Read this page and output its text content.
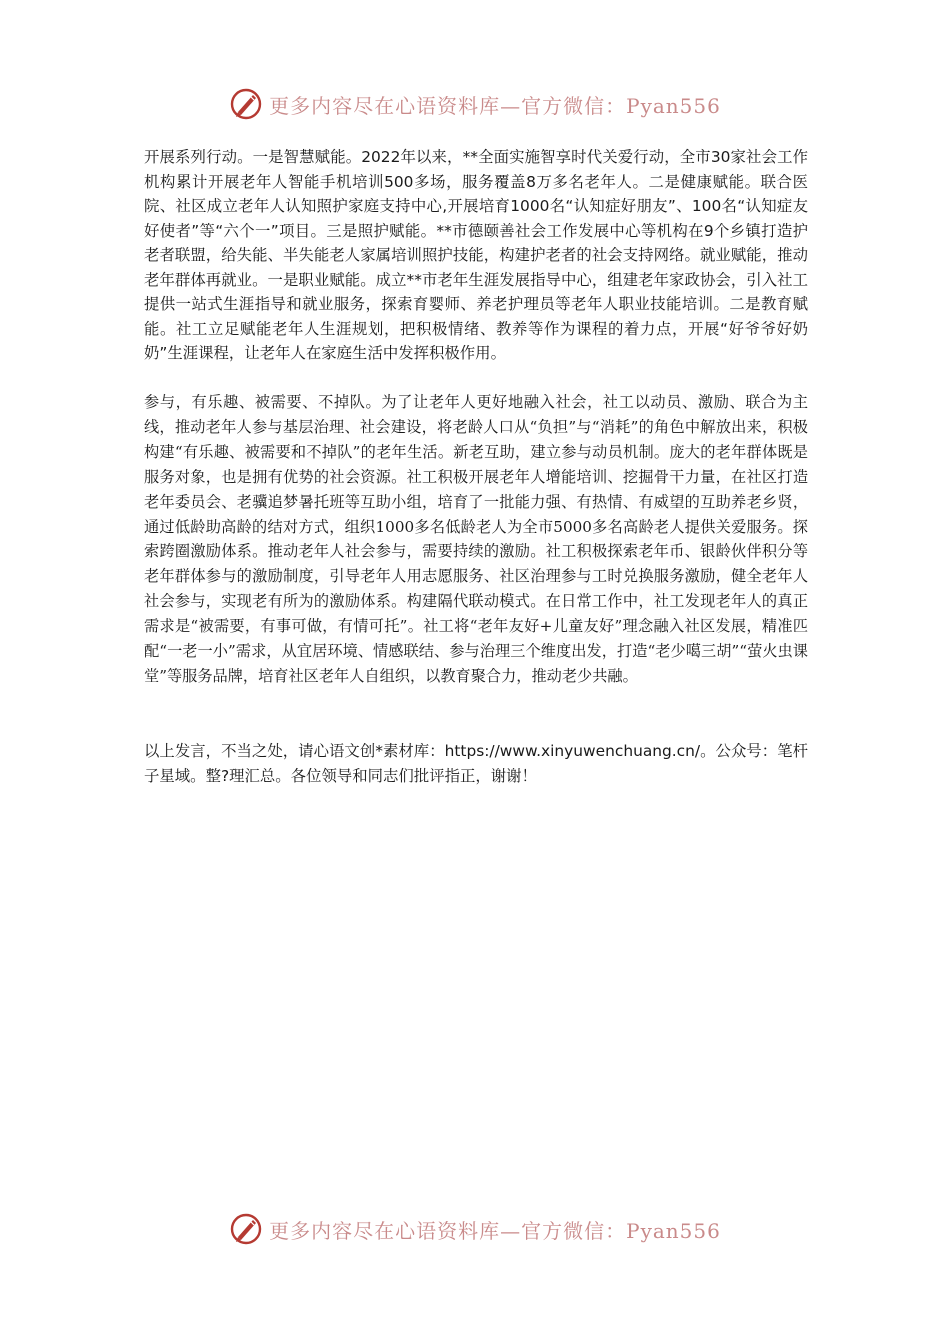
更多内容尽在心语资料库—官方微信：Pyan556

开展系列行动。一是智慧赋能。2022年以来，**全面实施智享时代关爱行动，全市30家社会工作机构累计开展老年人智能手机培训500多场，服务覆盖8万多名老年人。二是健康赋能。联合医院、社区成立老年人认知照护家庭支持中心,开展培育1000名“认知症好朋友”、100名“认知症友好使者”等“六个一”项目。三是照护赋能。**市德颐善社会工作发展中心等机构在9个乡镇打造护老者联盟，给失能、半失能老人家属培训照护技能，构建护老者的社会支持网络。就业赋能，推动老年群体再就业。一是职业赋能。成立**市老年生涯发展指导中心，组建老年家政协会，引入社工提供一站式生涯指导和就业服务，探索育婴师、养老护理员等老年人职业技能培训。二是教育赋能。社工立足赋能老年人生涯规划，把积极情绪、教养等作为课程的着力点，开展“好爷爷好奶奶”生涯课程，让老年人在家庭生活中发挥积极作用。

参与，有乐趣、被需要、不掉队。为了让老年人更好地融入社会，社工以动员、激励、联合为主线，推动老年人参与基层治理、社会建设，将老龄人口从“负担”与“消耗”的角色中解放出来，积极构建“有乐趣、被需要和不掉队”的老年生活。新老互助，建立参与动员机制。庞大的老年群体既是服务对象，也是拥有优势的社会资源。社工积极开展老年人增能培训、挖掘骨干力量，在社区打造老年委员会、老骥追梦暑托班等互助小组，培育了一批能力强、有热情、有威望的互助养老乡贤，通过低龄助高龄的结对方式，组织1000多名低龄老人为全市5000多名高龄老人提供关爱服务。探索跨圈激励体系。推动老年人社会参与，需要持续的激励。社工积极探索老年币、银龄伙伴积分等老年群体参与的激励制度，引导老年人用志愿服务、社区治理参与工时兑换服务激励，健全老年人社会参与，实现老有所为的激励体系。构建隔代联动模式。在日常工作中，社工发现老年人的真正需求是“被需要，有事可做，有情可托”。社工将“老年友好+儿童友好”理念融入社区发展，精准匹配“一老一小”需求，从宜居环境、情感联结、参与治理三个维度出发，打造“老少噶三胡”“萤火虫课堂”等服务品牌，培育社区老年人自组织，以教育聚合力，推动老少共融。

以上发言，不当之处，请心语文创*素材库：https://www.xinyuwenchuang.cn/。公众号：笔杆子星域。整?理汇总。各位领导和同志们批评指正，谢谢！

更多内容尽在心语资料库—官方微信：Pyan556
